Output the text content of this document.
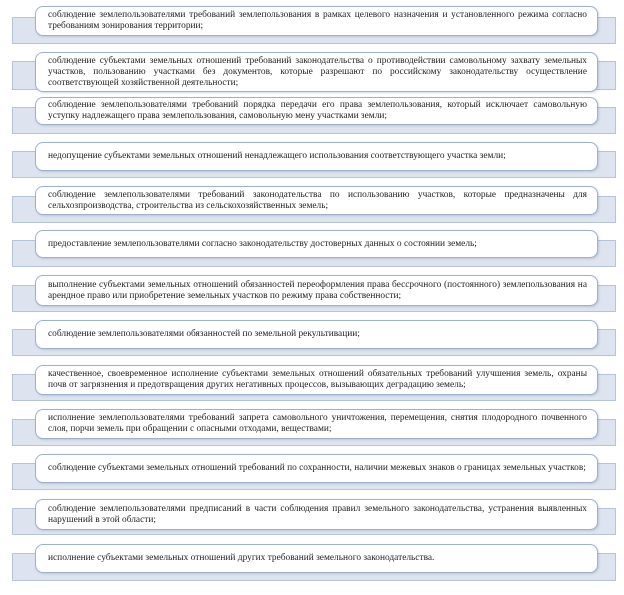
соблюдение землепользователями требований землепользования в рамках целевого назначения и установленного режима согласно требованиям зонирования территории;
соблюдение субъектами земельных отношений требований законодательства о противодействии самовольному захвату земельных участков, пользованию участками без документов, которые разрешают по российскому законодательству осуществление соответствующей хозяйственной деятельности;
соблюдение землепользователями требований порядка передачи его права землепользования, который исключает самовольную уступку надлежащего права землепользования, самовольную мену участками земли;
недопущение субъектами земельных отношений ненадлежащего использования соответствующего участка земли;
соблюдение землепользователями требований законодательства по использованию участков, которые предназначены для сельхозпроизводства, строительства из сельскохозяйственных земель;
предоставление землепользователями согласно законодательству достоверных данных о состоянии земель;
выполнение субъектами земельных отношений обязанностей переоформления права бессрочного (постоянного) землепользования на арендное право или приобретение земельных участков по режиму права собственности;
соблюдение землепользователями обязанностей по земельной рекультивации;
качественное, своевременное исполнение субъектами земельных отношений обязательных требований улучшения земель, охраны почв от загрязнения и предотвращения других негативных процессов, вызывающих деградацию земель;
исполнение землепользователями требований запрета самовольного уничтожения, перемещения, снятия плодородного почвенного слоя, порчи земель при обращении с опасными отходами, веществами;
соблюдение субъектами земельных отношений требований по сохранности, наличии межевых знаков о границах земельных участков;
соблюдение землепользователями предписаний в части соблюдения правил земельного законодательства, устранения выявленных нарушений в этой области;
исполнение субъектами земельных отношений других требований земельного законодательства.
